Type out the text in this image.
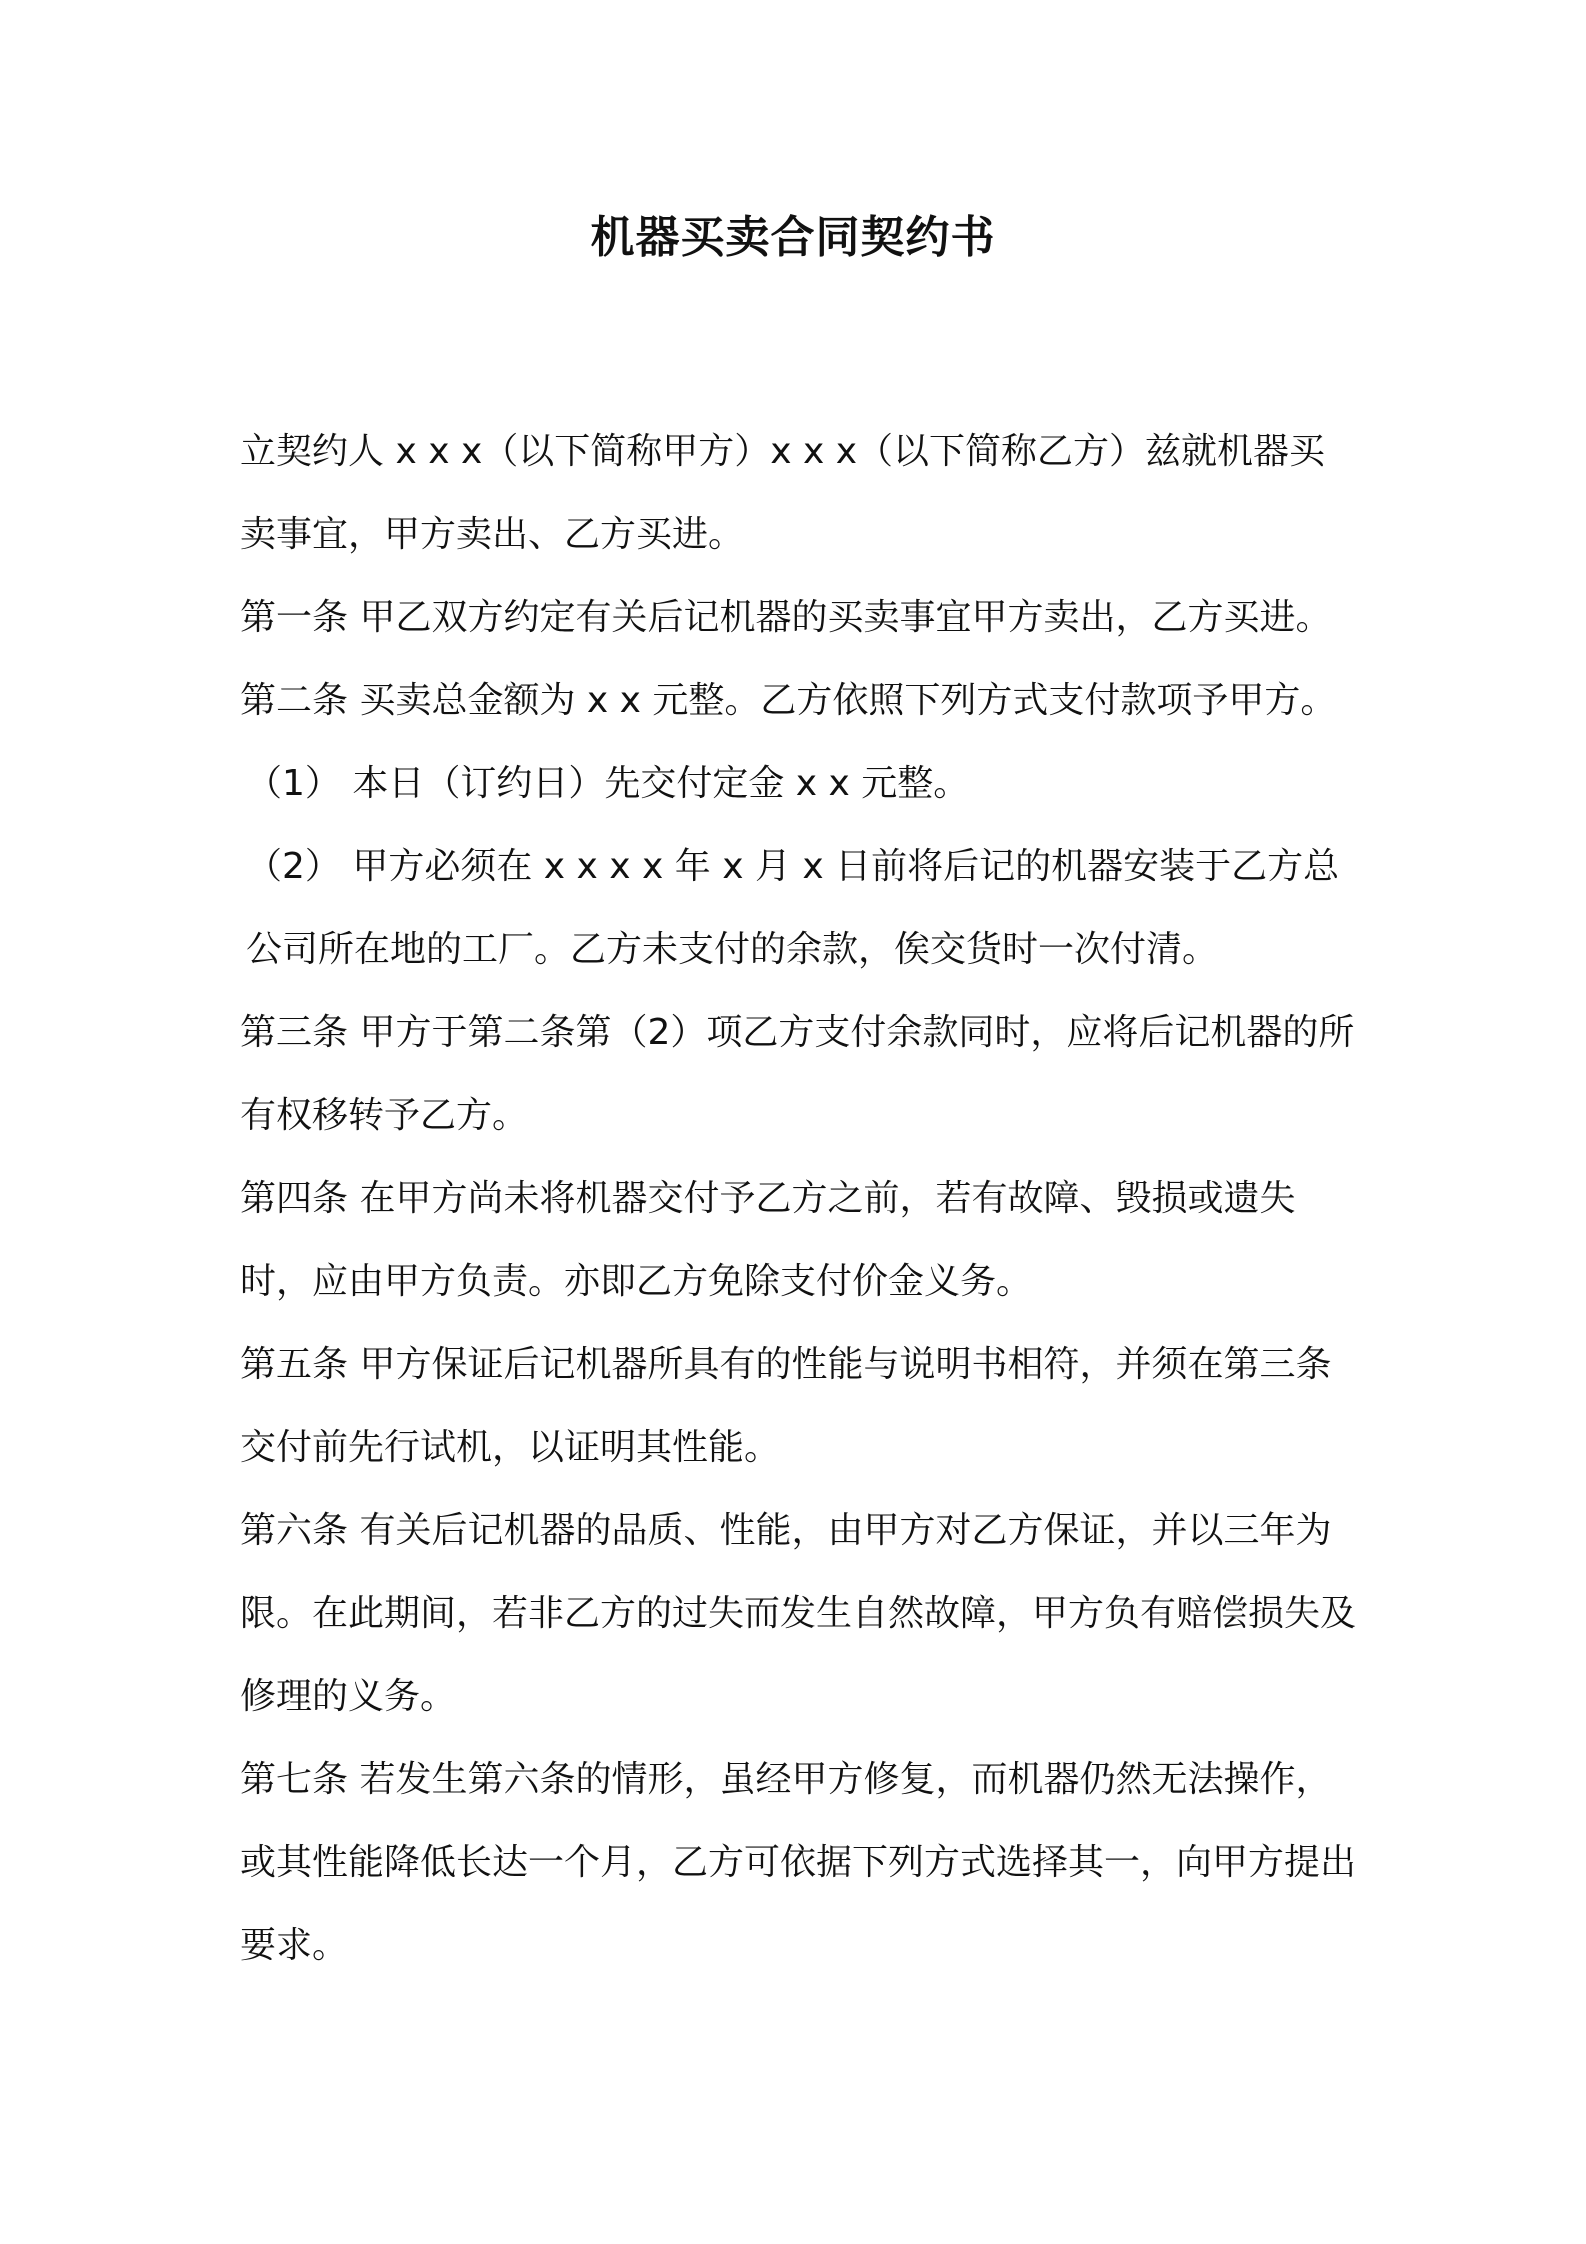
机器买卖合同契约书

立契约人 x x x（以下简称甲方）x x x（以下简称乙方）兹就机器买卖事宜，甲方卖出、乙方买进。

第一条 甲乙双方约定有关后记机器的买卖事宜甲方卖出，乙方买进。

第二条 买卖总金额为 x x 元整。乙方依照下列方式支付款项予甲方。

（1） 本日（订约日）先交付定金 x x 元整。

（2） 甲方必须在 x x x x 年 x 月 x 日前将后记的机器安装于乙方总公司所在地的工厂。乙方未支付的余款，俟交货时一次付清。

第三条 甲方于第二条第（2）项乙方支付余款同时，应将后记机器的所有权移转予乙方。

第四条 在甲方尚未将机器交付予乙方之前，若有故障、毁损或遗失时，应由甲方负责。亦即乙方免除支付价金义务。

第五条 甲方保证后记机器所具有的性能与说明书相符，并须在第三条交付前先行试机，以证明其性能。

第六条 有关后记机器的品质、性能，由甲方对乙方保证，并以三年为限。在此期间，若非乙方的过失而发生自然故障，甲方负有赔偿损失及修理的义务。

第七条 若发生第六条的情形，虽经甲方修复，而机器仍然无法操作，或其性能降低长达一个月，乙方可依据下列方式选择其一，向甲方提出要求。
